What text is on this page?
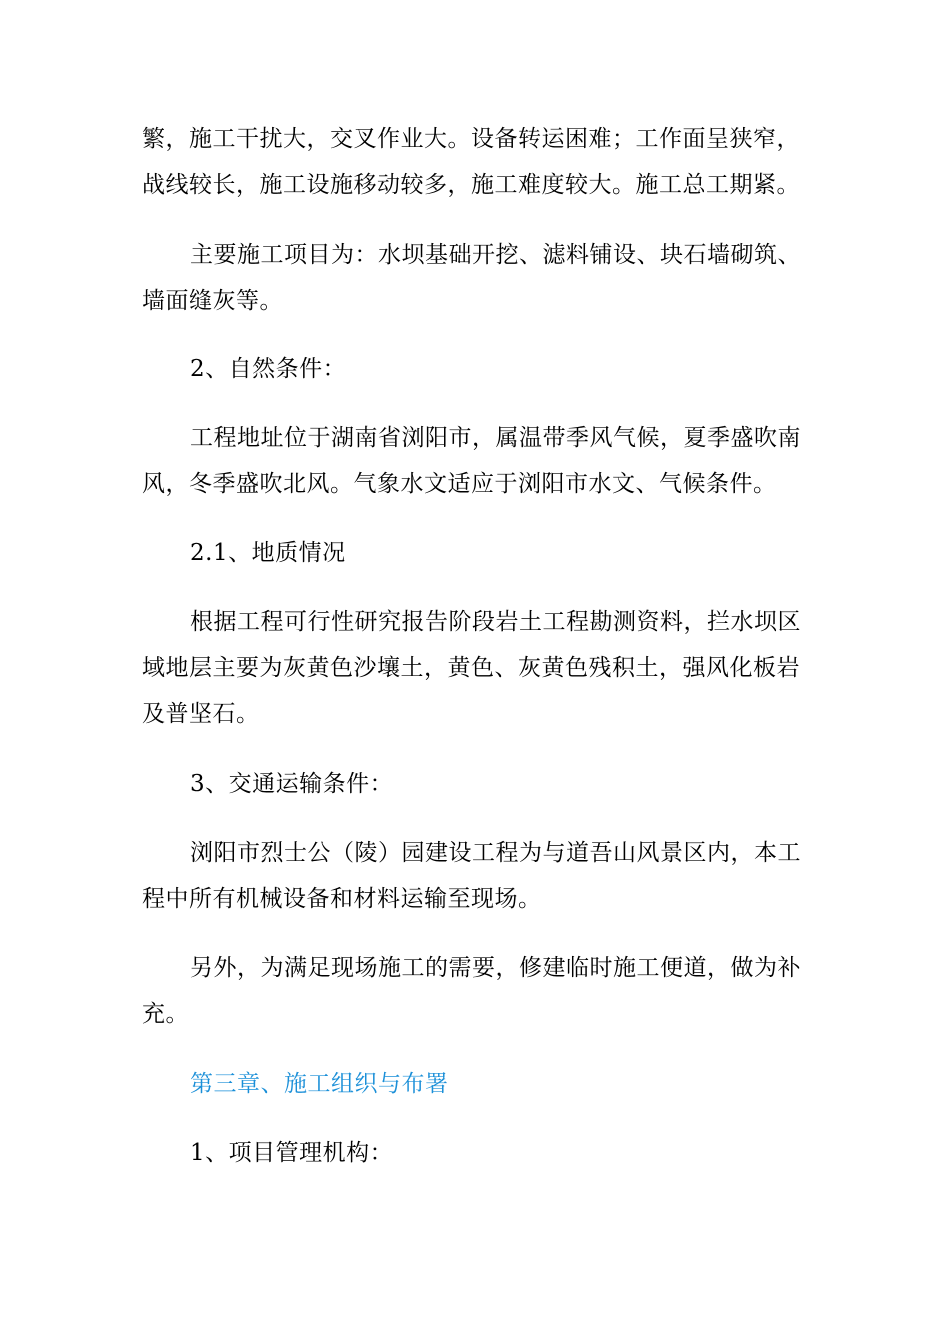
繁，施工干扰大，交叉作业大。设备转运困难；工作面呈狭窄，
战线较长，施工设施移动较多，施工难度较大。施工总工期紧。

主要施工项目为：水坝基础开挖、滤料铺设、块石墙砌筑、
墙面缝灰等。

2、自然条件：

工程地址位于湖南省浏阳市，属温带季风气候，夏季盛吹南
风，冬季盛吹北风。气象水文适应于浏阳市水文、气候条件。

2.1、地质情况

根据工程可行性研究报告阶段岩土工程勘测资料，拦水坝区
域地层主要为灰黄色沙壤土，黄色、灰黄色残积土，强风化板岩
及普坚石。

3、交通运输条件：

浏阳市烈士公（陵）园建设工程为与道吾山风景区内，本工
程中所有机械设备和材料运输至现场。

另外，为满足现场施工的需要，修建临时施工便道，做为补
充。

第三章、施工组织与布署

1、项目管理机构：
